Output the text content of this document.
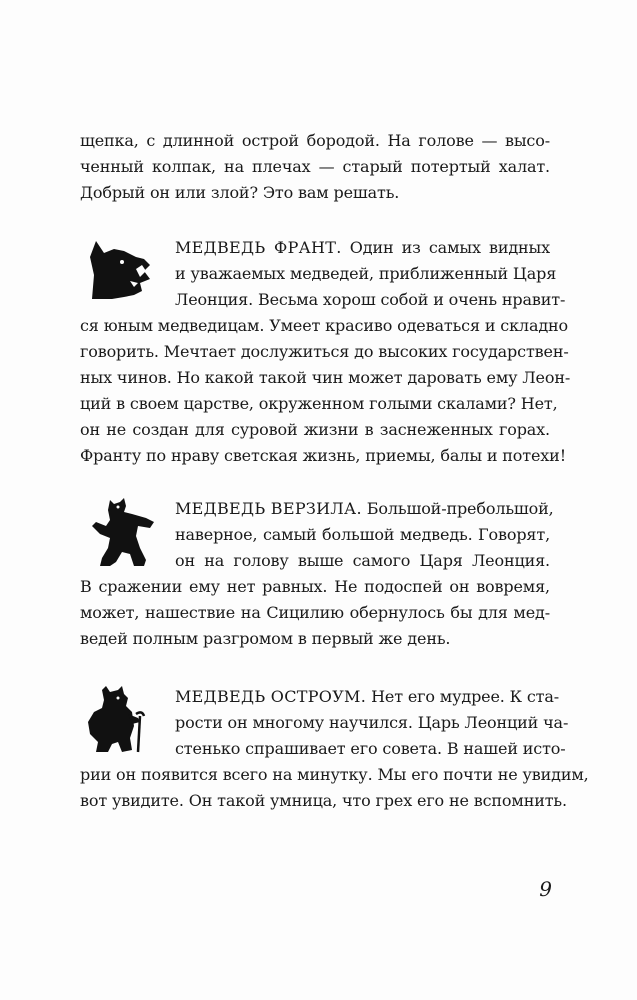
щепка, с длинной острой бородой. На голове — высо-
ченный колпак, на плечах — старый потертый халат.
Добрый он или злой? Это вам решать.
МЕДВЕДЬ ФРАНТ. Один из самых видных
и уважаемых медведей, приближенный Царя
Леонция. Весьма хорош собой и очень нравит-
ся юным медведицам. Умеет красиво одеваться и складно
говорить. Мечтает дослужиться до высоких государствен-
ных чинов. Но какой такой чин может даровать ему Леон-
ций в своем царстве, окруженном голыми скалами? Нет,
он не создан для суровой жизни в заснеженных горах.
Франту по нраву светская жизнь, приемы, балы и потехи!
МЕДВЕДЬ ВЕРЗИЛА. Большой-пребольшой,
наверное, самый большой медведь. Говорят,
он на голову выше самого Царя Леонция.
В сражении ему нет равных. Не подоспей он вовремя,
может, нашествие на Сицилию обернулось бы для мед-
ведей полным разгромом в первый же день.
МЕДВЕДЬ ОСТРОУМ. Нет его мудрее. К ста-
рости он многому научился. Царь Леонций ча-
стенько спрашивает его совета. В нашей исто-
рии он появится всего на минутку. Мы его почти не увидим,
вот увидите. Он такой умница, что грех его не вспомнить.
9
